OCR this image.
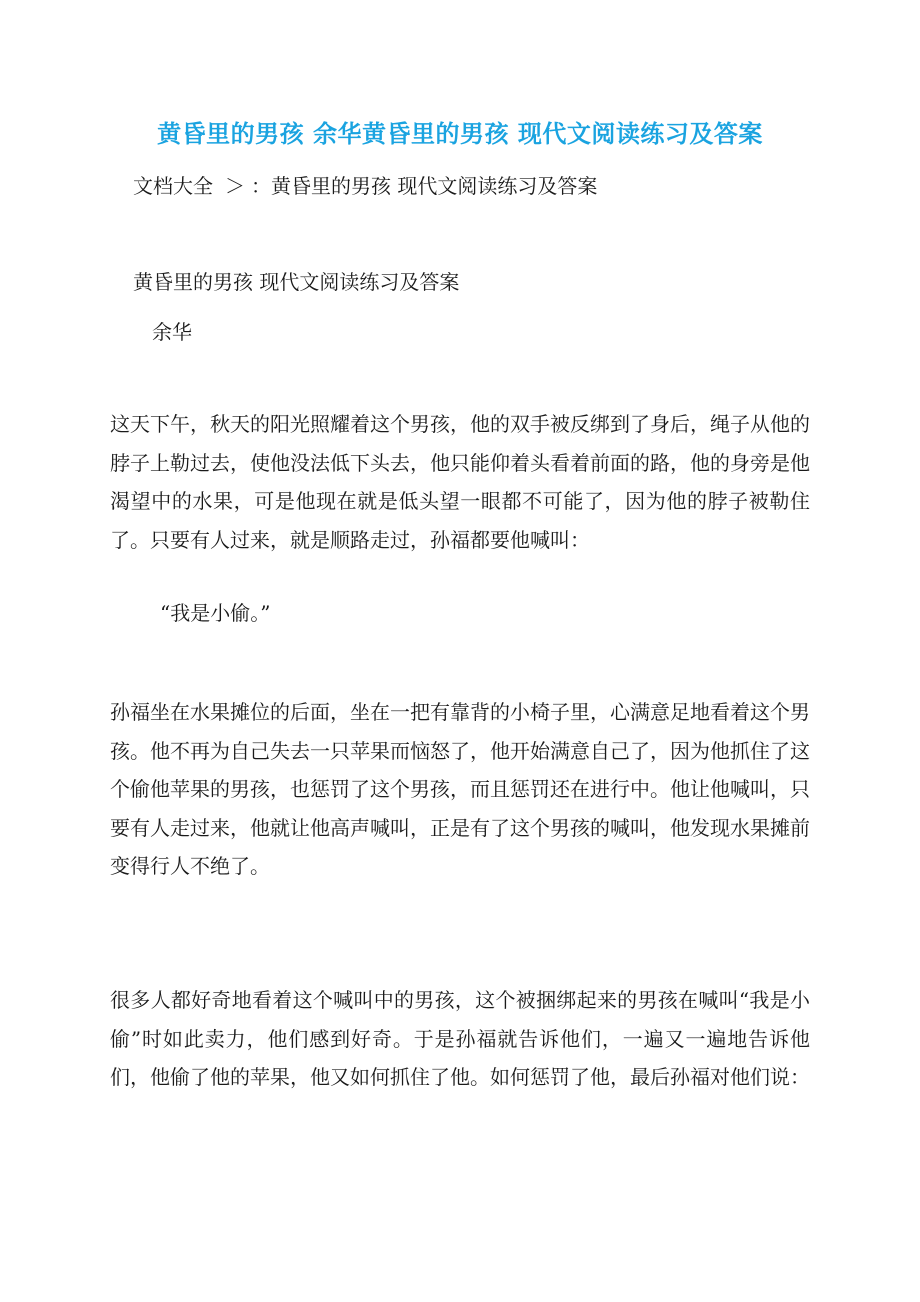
黄昏里的男孩 余华黄昏里的男孩 现代文阅读练习及答案
文档大全 ＞ ：黄昏里的男孩 现代文阅读练习及答案
黄昏里的男孩 现代文阅读练习及答案
余华

这天下午，秋天的阳光照耀着这个男孩，他的双手被反绑到了身后，绳子从他的脖子上勒过去，使他没法低下头去，他只能仰着头看着前面的路，他的身旁是他渴望中的水果，可是他现在就是低头望一眼都不可能了，因为他的脖子被勒住了。只要有人过来，就是顺路走过，孙福都要他喊叫：

“我是小偷。”

孙福坐在水果摊位的后面，坐在一把有靠背的小椅子里，心满意足地看着这个男孩。他不再为自己失去一只苹果而恼怒了，他开始满意自己了，因为他抓住了这个偷他苹果的男孩，也惩罚了这个男孩，而且惩罚还在进行中。他让他喊叫，只要有人走过来，他就让他高声喊叫，正是有了这个男孩的喊叫，他发现水果摊前变得行人不绝了。

很多人都好奇地看着这个喊叫中的男孩，这个被捆绑起来的男孩在喊叫“我是小偷”时如此卖力，他们感到好奇。于是孙福就告诉他们，一遍又一遍地告诉他们，他偷了他的苹果，他又如何抓住了他。如何惩罚了他，最后孙福对他们说：
